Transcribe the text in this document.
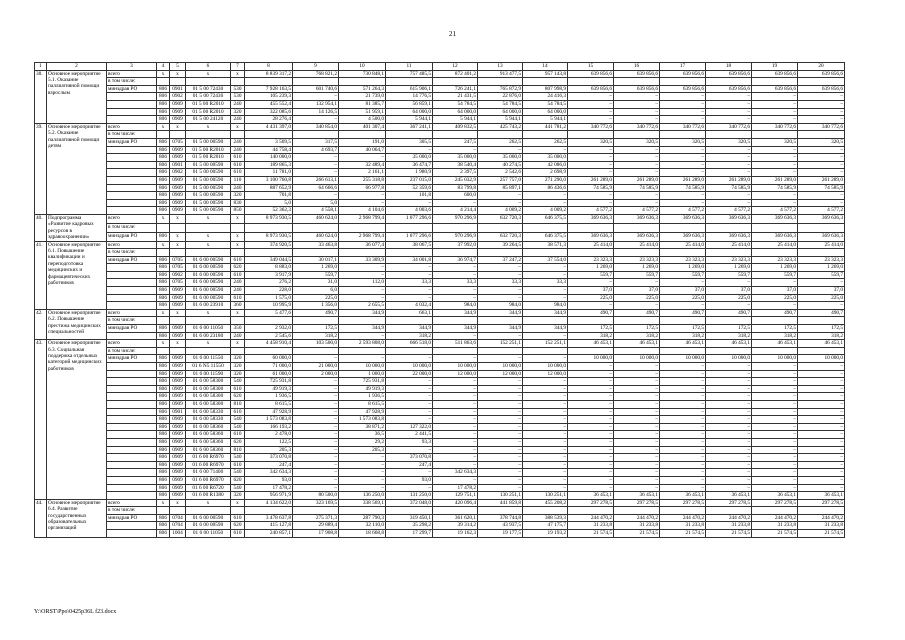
21
1	2	3	4	5	6	7	8	9	10	11	12	13	14	15	16	17	18	19	20
38.	Основное мероприятие 5.1. Оказание паллиативной помощи взрослым	всего	x	x	x	x	8 839 317,2	768 821,2	730 848,1	757 485,5	872 401,2	913 477,5	957 143,8	639 856,6	639 856,6	639 856,6	639 856,6	639 856,6	639 856,6
		в том числе:																	
		минздрав РО	806	0901	01 5 00 72430	530	7 928 163,5	601 740,6	571 264,3	615 906,1	726 241,1	765 872,9	807 998,9	639 856,6	639 856,6	639 856,6	639 856,6	639 856,6	639 856,6
			806	0902	01 5 00 72430	530	105 239,3	–	21 739,0	14 776,5	21 431,5	22 876,0	24 416,3	–	–	–	–	–	–
			806	0909	01 5 00 R2010	240	455 552,4	132 954,1	81 385,7	56 859,1	54 784,5	54 784,5	54 784,5	–	–	–	–	–	–
			806	0909	01 5 00 R2010	320	322 085,6	14 126,5	51 959,1	64 000,0	64 000,0	64 000,0	64 000,0	–	–	–	–	–	–
			806	0909	01 5 00 24120	240	28 276,4	–	4 500,0	5 944,1	5 944,1	5 944,1	5 944,1	–	–	–	–	–	–
39.	Основное мероприятие 5.2. Оказание паллиативной помощи детям	всего	x	x	x	x	4 431 397,0	340 854,0	401 307,4	367 241,1	409 832,5	425 743,2	441 781,2	340 772,6	340 772,6	340 772,6	340 772,6	340 772,6	340 772,6
		в том числе:																	
		минздрав РО	806	0705	01 5 00 00590	240	3 509,5	317,5	191,0	305,5	247,5	262,5	262,5	320,5	320,5	320,5	320,5	320,5	320,5
			806	0909	01 5 00 R2010	240	44 758,4	4 693,7	40 064,7	–	–	–	–	–	–	–	–	–	–
			806	0909	01 5 00 R2010	610	140 000,0	–	–	35 000,0	35 000,0	35 000,0	35 000,0	–	–	–	–	–	–
			806	0901	01 5 00 00590	610	189 865,3	–	32 489,4	36 474,7	38 540,4	40 274,5	42 086,0	–	–	–	–	–	–
			806	0902	01 5 00 00590	610	11 781,0	–	2 161,1	1 980,9	2 397,5	2 542,6	2 698,9	–	–	–	–	–	–
			806	0909	01 5 00 00590	110	3 100 760,8	266 613,1	255 318,8	237 015,0	245 032,9	257 757,0	271 290,0	261 289,0	261 289,0	261 289,0	261 289,0	261 289,0	261 289,0
			806	0909	01 5 00 00590	240	887 652,9	64 666,6	66 977,8	52 359,6	83 799,8	85 897,1	86 436,6	74 585,9	74 585,9	74 585,9	74 585,9	74 585,9	74 585,9
			806	0909	01 5 00 00590	320	701,8	–	–	101,8	600,0	–	–	–	–	–	–	–	–
			806	0909	01 5 00 00590	830	5,0	5,0	–	–	–	–	–	–	–	–	–	–	–
			806	0909	01 5 00 00590	850	52 362,3	4 558,1	4 104,6	4 003,6	4 214,4	4 009,2	4 009,2	4 577,2	4 577,2	4 577,2	4 577,2	4 577,2	4 577,2
40.	Подпрограмма «Развитие кадровых ресурсов в здравоохранении»	всего	x	x	x	x	8 973 930,5	460 624,0	2 968 799,4	1 077 296,6	970 296,9	632 720,3	646 375,5	369 636,3	369 636,3	369 636,3	369 636,3	369 636,3	369 636,3
		в том числе:																	
		минздрав РО	806	x	x	x	8 973 930,5	460 624,0	2 968 799,4	1 077 296,6	970 296,9	632 720,3	646 375,5	369 636,3	369 636,3	369 636,3	369 636,3	369 636,3	369 636,3
41.	Основное мероприятие 6.1. Повышение квалификации и переподготовка медицинских и фармацевтических работников	всего	x	x	x	x	374 920,5	33 463,8	36 077,4	38 067,5	37 992,0	39 264,5	38 571,3	25 414,0	25 414,0	25 414,0	25 414,0	25 414,0	25 414,0
		в том числе:																	
		минздрав РО	806	0705	01 6 00 00590	610	349 044,5	30 017,1	33 309,9	34 001,8	36 974,7	37 247,2	37 554,0	23 323,3	23 323,3	23 323,3	23 323,3	23 323,3	23 323,3
			806	0705	01 6 00 00590	620	8 883,0	1 269,0	–	–	–	–	–	1 269,0	1 269,0	1 269,0	1 269,0	1 269,0	1 269,0
			806	0902	01 6 00 00590	610	3 917,9	559,7	–	–	–	–	–	559,7	559,7	559,7	559,7	559,7	559,7
			806	0705	01 6 00 00590	240	276,2	31,0	112,0	33,3	33,3	33,3	33,3	–	–	–	–	–	–
			806	0909	01 6 00 00590	240	228,0	6,0	–	–	–	–	–	37,0	37,0	37,0	37,0	37,0	37,0
			806	0909	01 6 00 00590	610	1 575,0	225,0	–	–	–	–	–	225,0	225,0	225,0	225,0	225,0	225,0
			806	0909	01 6 00 23910	360	10 995,9	1 356,0	2 655,5	4 032,4	984,0	984,0	984,0	–	–	–	–	–	–
42.	Основное мероприятие 6.2. Повышение престижа медицинских специальностей	всего	x	x	x	x	5 477,6	490,7	344,9	663,1	344,9	344,9	344,9	490,7	490,7	490,7	490,7	490,7	490,7
		в том числе:																	
		минздрав РО	806	0909	01 6 00 11050	350	2 932,0	172,5	344,9	344,9	344,9	344,9	344,9	172,5	172,5	172,5	172,5	172,5	172,5
			806	0909	01 6 00 23180	240	2 545,6	318,2	–	318,2	–	–	–	318,2	318,2	318,2	318,2	318,2	318,2
43.	Основное мероприятие 6.3. Социальная поддержка отдельных категорий медицинских работников	всего	x	x	x	x	4 458 910,4	103 500,0	2 593 808,0	666 518,0	511 863,6	152 251,1	152 251,1	46 453,1	46 453,1	46 453,1	46 453,1	46 453,1	46 453,1
		в том числе:																	
		минздрав РО	806	0909	01 6 00 11550	320	60 000,0	–	–	–	–	–	–	10 000,0	10 000,0	10 000,0	10 000,0	10 000,0	10 000,0
			806	0909	01 6 N5 11550	320	71 000,0	21 000,0	10 000,0	10 000,0	10 000,0	10 000,0	10 000,0	–	–	–	–	–	–
			806	0909	01 6 00 11590	320	61 000,0	2 000,0	1 000,0	22 000,0	12 000,0	12 000,0	12 000,0	–	–	–	–	–	–
			806	0909	01 6 00 58300	540	725 931,8	–	725 931,8	–	–	–	–	–	–	–	–	–	–
			806	0909	01 6 00 58300	610	49 919,3	–	49 919,3	–	–	–	–	–	–	–	–	–	–
			806	0909	01 6 00 58300	620	1 936,5	–	1 936,5	–	–	–	–	–	–	–	–	–	–
			806	0909	01 6 00 58300	810	8 615,5	–	8 615,5	–	–	–	–	–	–	–	–	–	–
			806	0901	01 6 00 58330	610	47 928,9	–	47 928,9	–	–	–	–	–	–	–	–	–	–
			806	0909	01 6 00 58330	540	1 573 083,8	–	1 573 083,8	–	–	–	–	–	–	–	–	–	–
			806	0909	01 6 00 58360	540	166 193,2	–	38 871,2	127 322,0	–	–	–	–	–	–	–	–	–
			806	0909	01 6 00 58360	610	2 478,0	–	36,5	2 441,5	–	–	–	–	–	–	–	–	–
			806	0909	01 6 00 58360	620	122,5	–	29,2	93,3	–	–	–	–	–	–	–	–	–
			806	0909	01 6 00 58360	810	205,3	–	205,3	–	–	–	–	–	–	–	–	–	–
			806	0909	01 6 00 R6970	540	373 070,8	–	–	373 070,8	–	–	–	–	–	–	–	–	–
			806	0909	01 6 00 R6970	610	247,4	–	–	247,4	–	–	–	–	–	–	–	–	–
			806	0909	01 6 00 71400	540	342 634,3	–	–	–	342 634,3	–	–	–	–	–	–	–	–
			806	0909	01 6 00 R6970	620	93,0	–	–	93,0	–	–	–	–	–	–	–	–	–
			806	0909	01 6 00 R6720	540	17 478,2	–	–	–	17 478,2	–	–	–	–	–	–	–	–
			806	0909	01 6 00 R1380	320	956 971,9	80 500,0	136 250,0	131 250,0	129 751,1	130 251,1	130 251,1	36 453,1	36 453,1	36 453,1	36 453,1	36 453,1	36 453,1
44.	Основное мероприятие 6.4. Развитие государственных образовательных организаций	всего	x	x	x	x	4 134 622,0	323 169,5	338 569,1	372 048,0	420 096,4	441 859,8	455 208,2	297 278,5	297 278,5	297 278,5	297 278,5	297 278,5	297 278,5
		в том числе:																	
		минздрав РО	806	0704	01 6 00 00590	610	3 478 637,8	275 371,3	287 790,3	319 450,1	361 620,1	378 744,8	388 539,3	244 470,2	244 470,2	244 470,2	244 470,2	244 470,2	244 470,2
			806	0704	01 6 00 00590	620	415 127,8	29 889,4	32 110,0	35 298,2	39 314,2	43 937,5	47 175,7	31 233,8	31 233,8	31 233,8	31 233,8	31 233,8	31 233,8
			806	1004	01 6 00 11050	610	240 857,1	17 908,8	18 668,8	17 299,7	19 162,3	19 177,5	19 193,2	21 574,5	21 574,5	21 574,5	21 574,5	21 574,5	21 574,5
Y:\ORST\Ppo\0425p36L f23.docx
